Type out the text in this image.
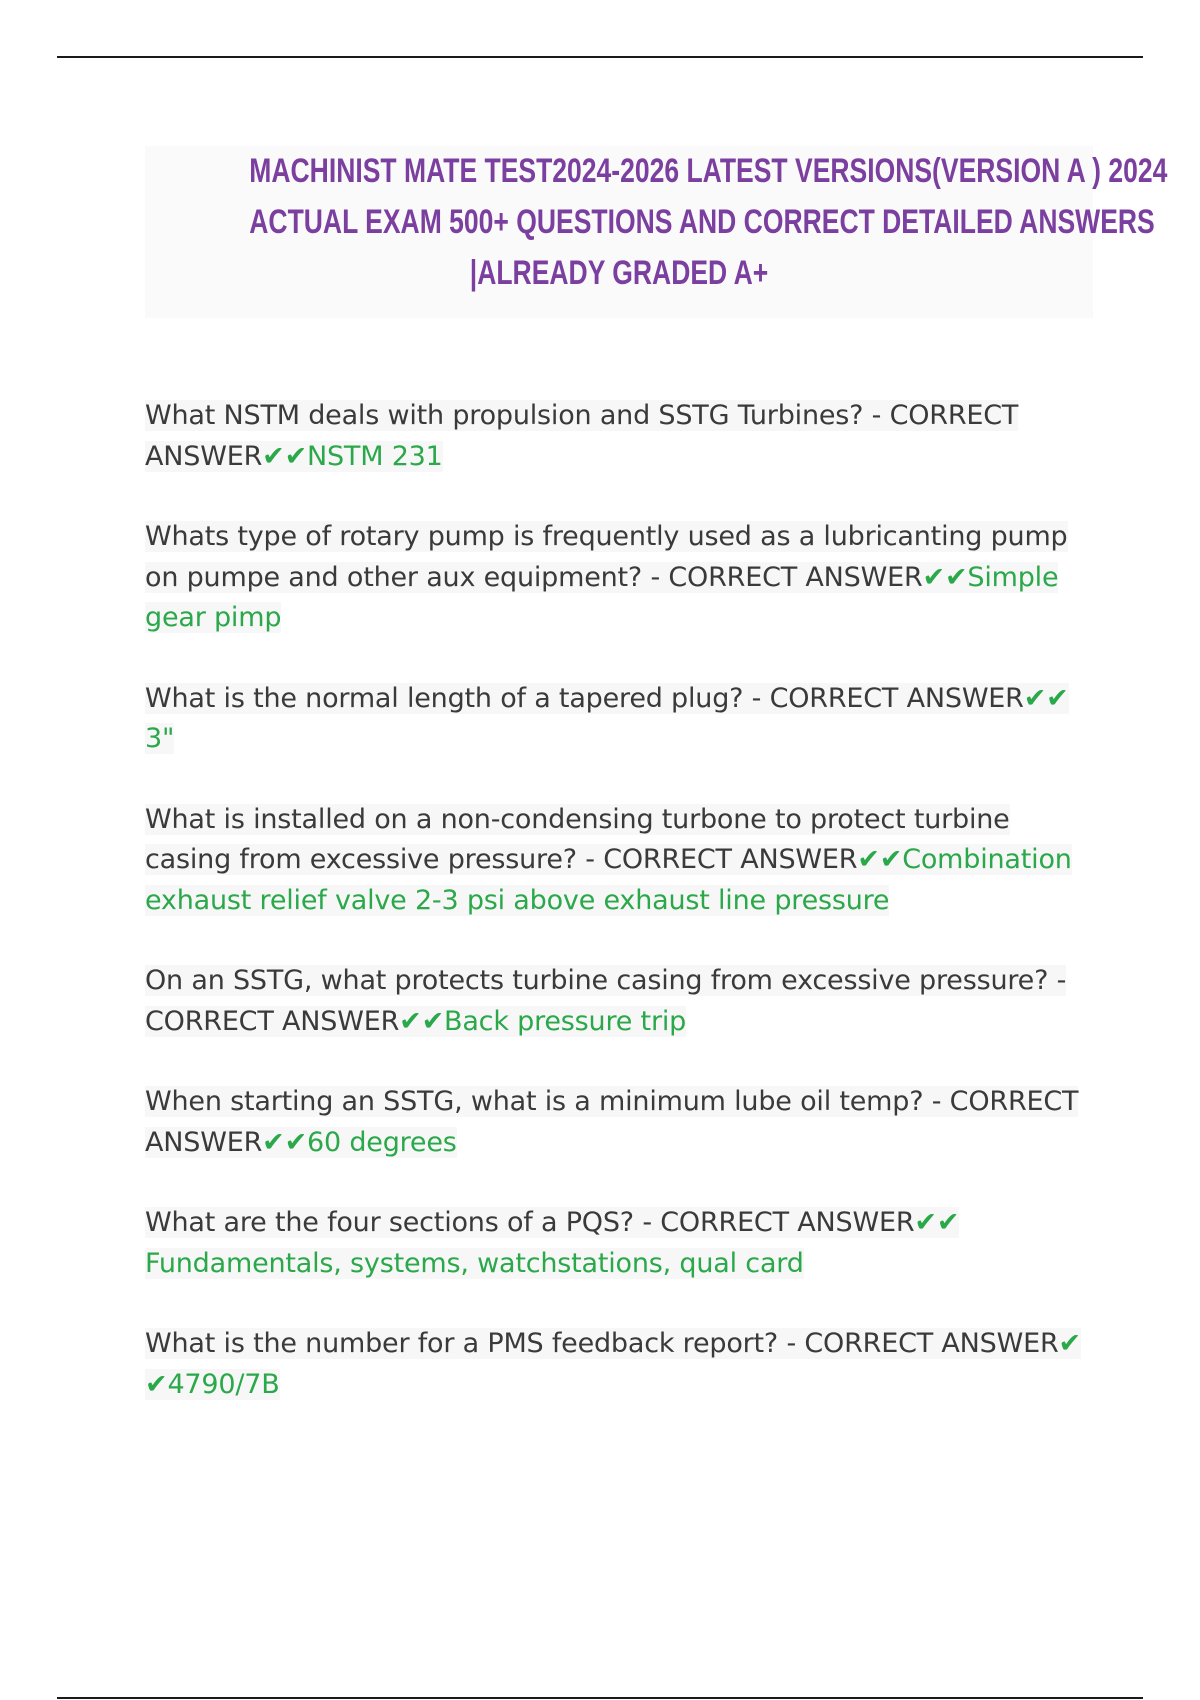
MACHINIST MATE TEST2024-2026 LATEST VERSIONS(VERSION A ) 2024

ACTUAL EXAM 500+ QUESTIONS AND CORRECT DETAILED ANSWERS

|ALREADY GRADED A+

What NSTM deals with propulsion and SSTG Turbines? - CORRECT ANSWER✔✔NSTM 231

Whats type of rotary pump is frequently used as a lubricanting pump on pumpe and other aux equipment? - CORRECT ANSWER✔✔Simple gear pimp

What is the normal length of a tapered plug? - CORRECT ANSWER✔✔ 3"

What is installed on a non-condensing turbone to protect turbine casing from excessive pressure? - CORRECT ANSWER✔✔Combination exhaust relief valve 2-3 psi above exhaust line pressure

On an SSTG, what protects turbine casing from excessive pressure? - CORRECT ANSWER✔✔Back pressure trip

When starting an SSTG, what is a minimum lube oil temp? - CORRECT ANSWER✔✔60 degrees

What are the four sections of a PQS? - CORRECT ANSWER✔✔ Fundamentals, systems, watchstations, qual card

What is the number for a PMS feedback report? - CORRECT ANSWER✔ ✔4790/7B
